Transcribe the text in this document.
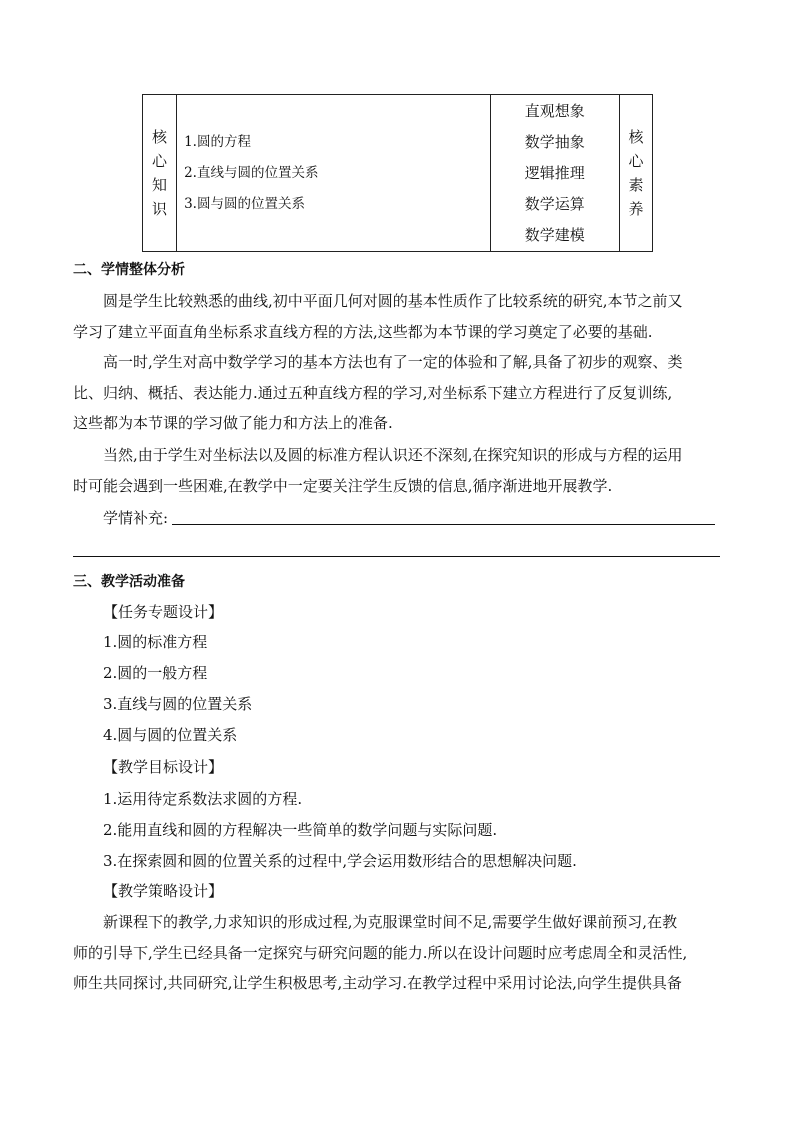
核
心
知
识

1.圆的方程
2.直线与圆的位置关系
3.圆与圆的位置关系

直观想象
数学抽象
逻辑推理
数学运算
数学建模

核
心
素
养
二、学情整体分析
圆是学生比较熟悉的曲线,初中平面几何对圆的基本性质作了比较系统的研究,本节之前又
学习了建立平面直角坐标系求直线方程的方法,这些都为本节课的学习奠定了必要的基础.
高一时,学生对高中数学学习的基本方法也有了一定的体验和了解,具备了初步的观察、类
比、归纳、概括、表达能力.通过五种直线方程的学习,对坐标系下建立方程进行了反复训练,
这些都为本节课的学习做了能力和方法上的准备.
当然,由于学生对坐标法以及圆的标准方程认识还不深刻,在探究知识的形成与方程的运用
时可能会遇到一些困难,在教学中一定要关注学生反馈的信息,循序渐进地开展教学.
学情补充:
三、教学活动准备
【任务专题设计】
1.圆的标准方程
2.圆的一般方程
3.直线与圆的位置关系
4.圆与圆的位置关系
【教学目标设计】
1.运用待定系数法求圆的方程.
2.能用直线和圆的方程解决一些简单的数学问题与实际问题.
3.在探索圆和圆的位置关系的过程中,学会运用数形结合的思想解决问题.
【教学策略设计】
新课程下的教学,力求知识的形成过程,为克服课堂时间不足,需要学生做好课前预习,在教
师的引导下,学生已经具备一定探究与研究问题的能力.所以在设计问题时应考虑周全和灵活性,
师生共同探讨,共同研究,让学生积极思考,主动学习.在教学过程中采用讨论法,向学生提供具备
